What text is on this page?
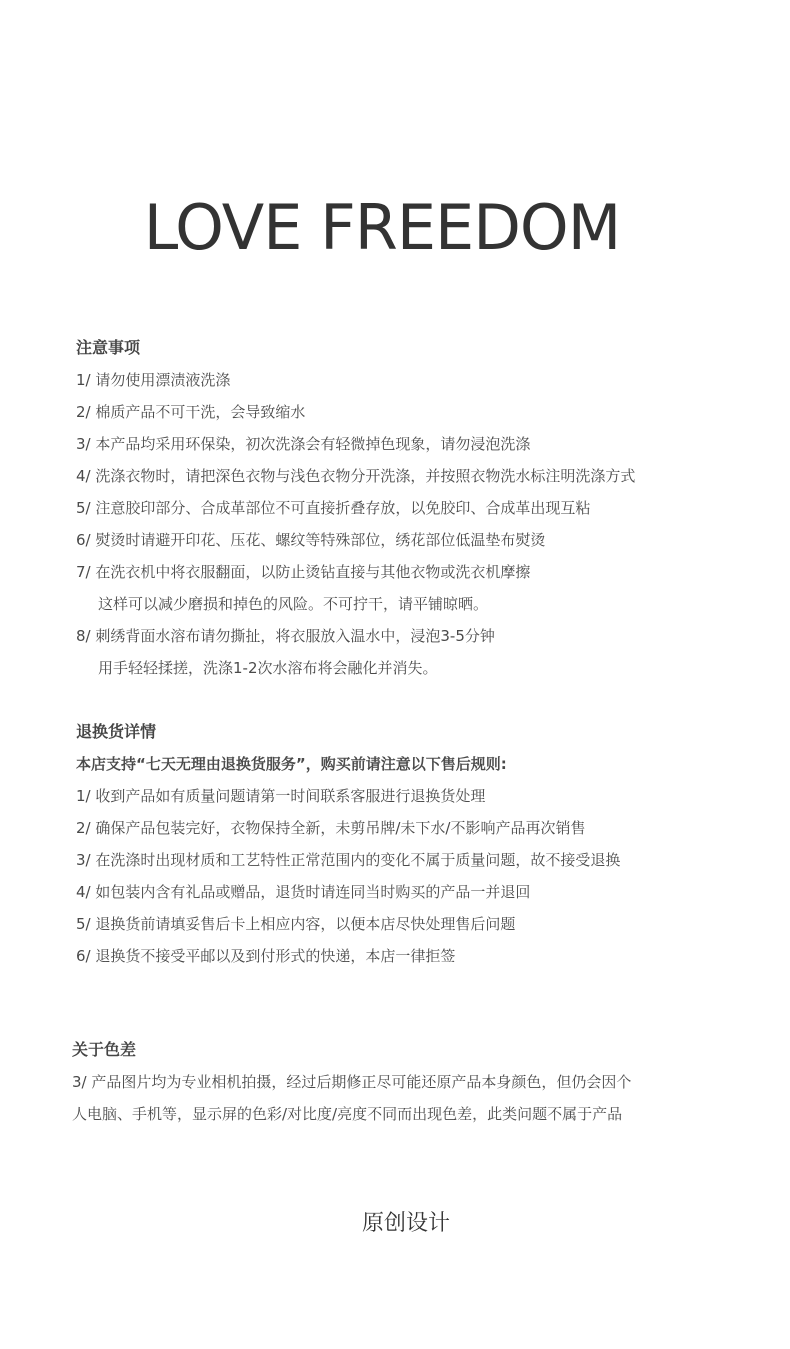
LOVE FREEDOM
注意事项
1/ 请勿使用漂渍液洗涤
2/ 棉质产品不可干洗，会导致缩水
3/ 本产品均采用环保染，初次洗涤会有轻微掉色现象，请勿浸泡洗涤
4/ 洗涤衣物时，请把深色衣物与浅色衣物分开洗涤，并按照衣物洗水标注明洗涤方式
5/ 注意胶印部分、合成革部位不可直接折叠存放，以免胶印、合成革出现互粘
6/ 熨烫时请避开印花、压花、螺纹等特殊部位，绣花部位低温垫布熨烫
7/ 在洗衣机中将衣服翻面，以防止烫钻直接与其他衣物或洗衣机摩擦
这样可以减少磨损和掉色的风险。不可拧干，请平铺晾晒。
8/ 刺绣背面水溶布请勿撕扯，将衣服放入温水中，浸泡3-5分钟
用手轻轻揉搓，洗涤1-2次水溶布将会融化并消失。
退换货详情
本店支持“七天无理由退换货服务”，购买前请注意以下售后规则:
1/ 收到产品如有质量问题请第一时间联系客服进行退换货处理
2/ 确保产品包装完好，衣物保持全新，未剪吊牌/未下水/不影响产品再次销售
3/ 在洗涤时出现材质和工艺特性正常范围内的变化不属于质量问题，故不接受退换
4/ 如包装内含有礼品或赠品，退货时请连同当时购买的产品一并退回
5/ 退换货前请填妥售后卡上相应内容，以便本店尽快处理售后问题
6/ 退换货不接受平邮以及到付形式的快递，本店一律拒签
关于色差
3/ 产品图片均为专业相机拍摄，经过后期修正尽可能还原产品本身颜色，但仍会因个
人电脑、手机等，显示屏的色彩/对比度/亮度不同而出现色差，此类问题不属于产品
原创设计
